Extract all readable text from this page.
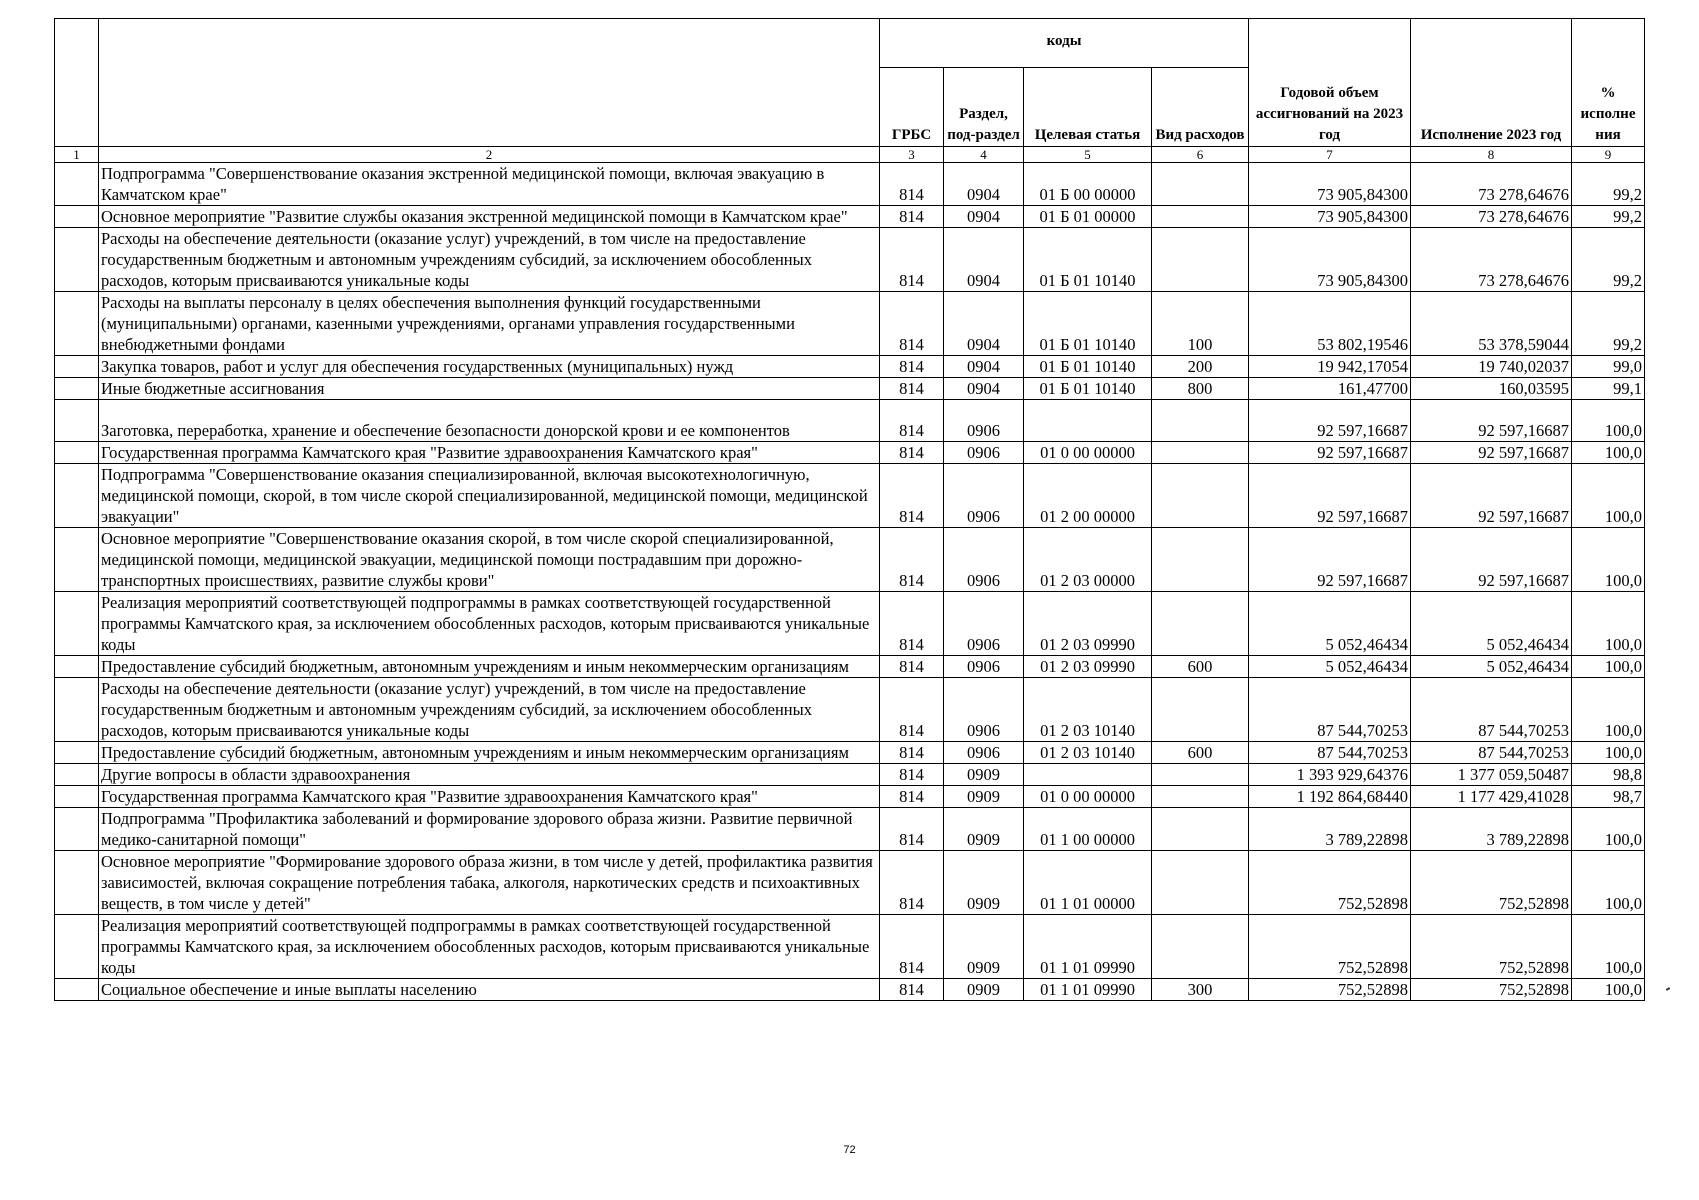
		коды				Годовой объем ассигнований на 2023 год	Исполнение 2023 год	% исполне ния
		ГРБС	Раздел, под-раздел	Целевая статья	Вид расходов			
1	2	3	4	5	6	7	8	9
	Подпрограмма "Совершенствование оказания экстренной медицинской помощи, включая эвакуацию в Камчатском крае"	814	0904	01 Б 00 00000		73 905,84300	73 278,64676	99,2
	Основное мероприятие "Развитие службы оказания экстренной медицинской помощи в Камчатском крае"	814	0904	01 Б 01 00000		73 905,84300	73 278,64676	99,2
	Расходы на обеспечение деятельности (оказание услуг) учреждений, в том числе на предоставление государственным бюджетным и автономным учреждениям субсидий, за исключением обособленных расходов, которым присваиваются уникальные коды	814	0904	01 Б 01 10140		73 905,84300	73 278,64676	99,2
	Расходы на выплаты персоналу в целях обеспечения выполнения функций государственными (муниципальными) органами, казенными учреждениями, органами управления государственными внебюджетными фондами	814	0904	01 Б 01 10140	100	53 802,19546	53 378,59044	99,2
	Закупка товаров, работ и услуг для обеспечения государственных (муниципальных) нужд	814	0904	01 Б 01 10140	200	19 942,17054	19 740,02037	99,0
	Иные бюджетные ассигнования	814	0904	01 Б 01 10140	800	161,47700	160,03595	99,1
	Заготовка, переработка, хранение и обеспечение безопасности донорской крови и ее компонентов	814	0906			92 597,16687	92 597,16687	100,0
	Государственная программа Камчатского края "Развитие здравоохранения Камчатского края"	814	0906	01 0 00 00000		92 597,16687	92 597,16687	100,0
	Подпрограмма "Совершенствование оказания специализированной, включая высокотехнологичную, медицинской помощи, скорой, в том числе скорой специализированной, медицинской помощи, медицинской эвакуации"	814	0906	01 2 00 00000		92 597,16687	92 597,16687	100,0
	Основное мероприятие "Совершенствование оказания скорой, в том числе скорой специализированной, медицинской помощи, медицинской эвакуации, медицинской помощи пострадавшим при дорожно-транспортных происшествиях, развитие службы крови"	814	0906	01 2 03 00000		92 597,16687	92 597,16687	100,0
	Реализация мероприятий соответствующей подпрограммы в рамках соответствующей государственной программы Камчатского края, за исключением обособленных расходов, которым присваиваются уникальные коды	814	0906	01 2 03 09990		5 052,46434	5 052,46434	100,0
	Предоставление субсидий бюджетным, автономным учреждениям и иным некоммерческим организациям	814	0906	01 2 03 09990	600	5 052,46434	5 052,46434	100,0
	Расходы на обеспечение деятельности (оказание услуг) учреждений, в том числе на предоставление государственным бюджетным и автономным учреждениям субсидий, за исключением обособленных расходов, которым присваиваются уникальные коды	814	0906	01 2 03 10140		87 544,70253	87 544,70253	100,0
	Предоставление субсидий бюджетным, автономным учреждениям и иным некоммерческим организациям	814	0906	01 2 03 10140	600	87 544,70253	87 544,70253	100,0
	Другие вопросы в области здравоохранения	814	0909			1 393 929,64376	1 377 059,50487	98,8
	Государственная программа Камчатского края "Развитие здравоохранения Камчатского края"	814	0909	01 0 00 00000		1 192 864,68440	1 177 429,41028	98,7
	Подпрограмма "Профилактика заболеваний и формирование здорового образа жизни. Развитие первичной медико-санитарной помощи"	814	0909	01 1 00 00000		3 789,22898	3 789,22898	100,0
	Основное мероприятие "Формирование здорового образа жизни, в том числе у детей, профилактика развития зависимостей, включая сокращение потребления табака, алкоголя, наркотических средств и психоактивных веществ, в том числе у детей"	814	0909	01 1 01 00000		752,52898	752,52898	100,0
	Реализация мероприятий соответствующей подпрограммы в рамках соответствующей государственной программы Камчатского края, за исключением обособленных расходов, которым присваиваются уникальные коды	814	0909	01 1 01 09990		752,52898	752,52898	100,0
	Социальное обеспечение и иные выплаты населению	814	0909	01 1 01 09990	300	752,52898	752,52898	100,0
72
